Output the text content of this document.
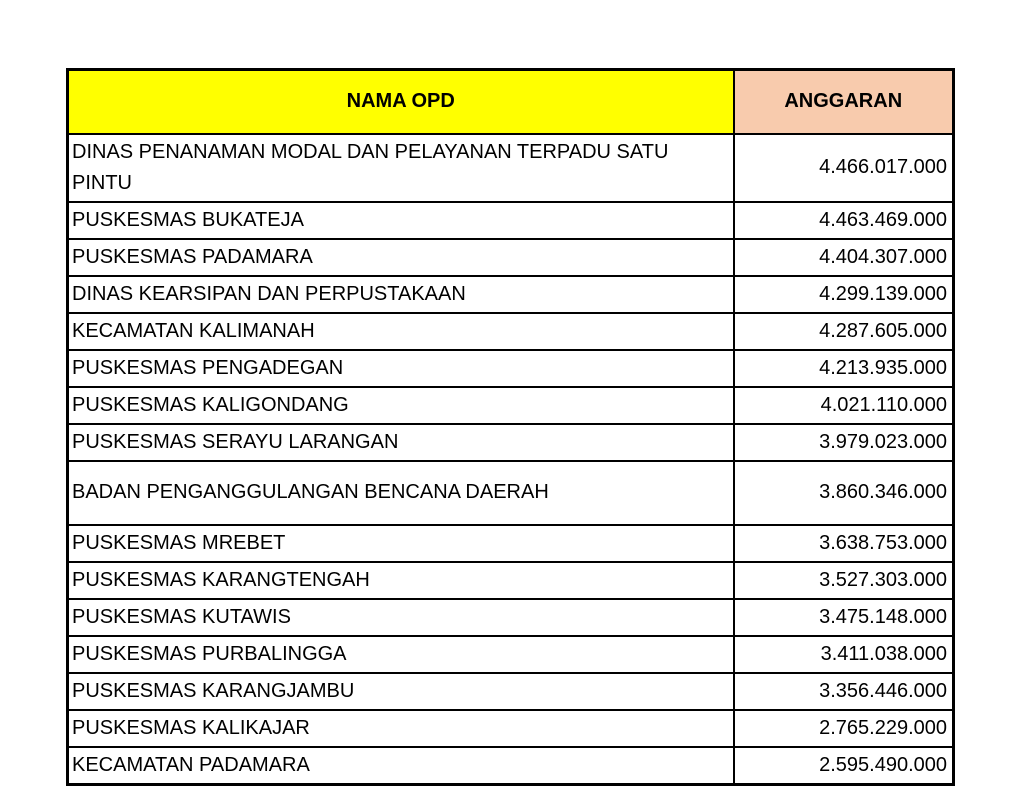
NAMA OPD	ANGGARAN
DINAS PENANAMAN MODAL DAN PELAYANAN TERPADU SATU PINTU	4.466.017.000
PUSKESMAS BUKATEJA	4.463.469.000
PUSKESMAS PADAMARA	4.404.307.000
DINAS KEARSIPAN DAN PERPUSTAKAAN	4.299.139.000
KECAMATAN KALIMANAH	4.287.605.000
PUSKESMAS PENGADEGAN	4.213.935.000
PUSKESMAS KALIGONDANG	4.021.110.000
PUSKESMAS SERAYU LARANGAN	3.979.023.000
BADAN PENGANGGULANGAN BENCANA DAERAH	3.860.346.000
PUSKESMAS MREBET	3.638.753.000
PUSKESMAS KARANGTENGAH	3.527.303.000
PUSKESMAS KUTAWIS	3.475.148.000
PUSKESMAS PURBALINGGA	3.411.038.000
PUSKESMAS KARANGJAMBU	3.356.446.000
PUSKESMAS KALIKAJAR	2.765.229.000
KECAMATAN PADAMARA	2.595.490.000
